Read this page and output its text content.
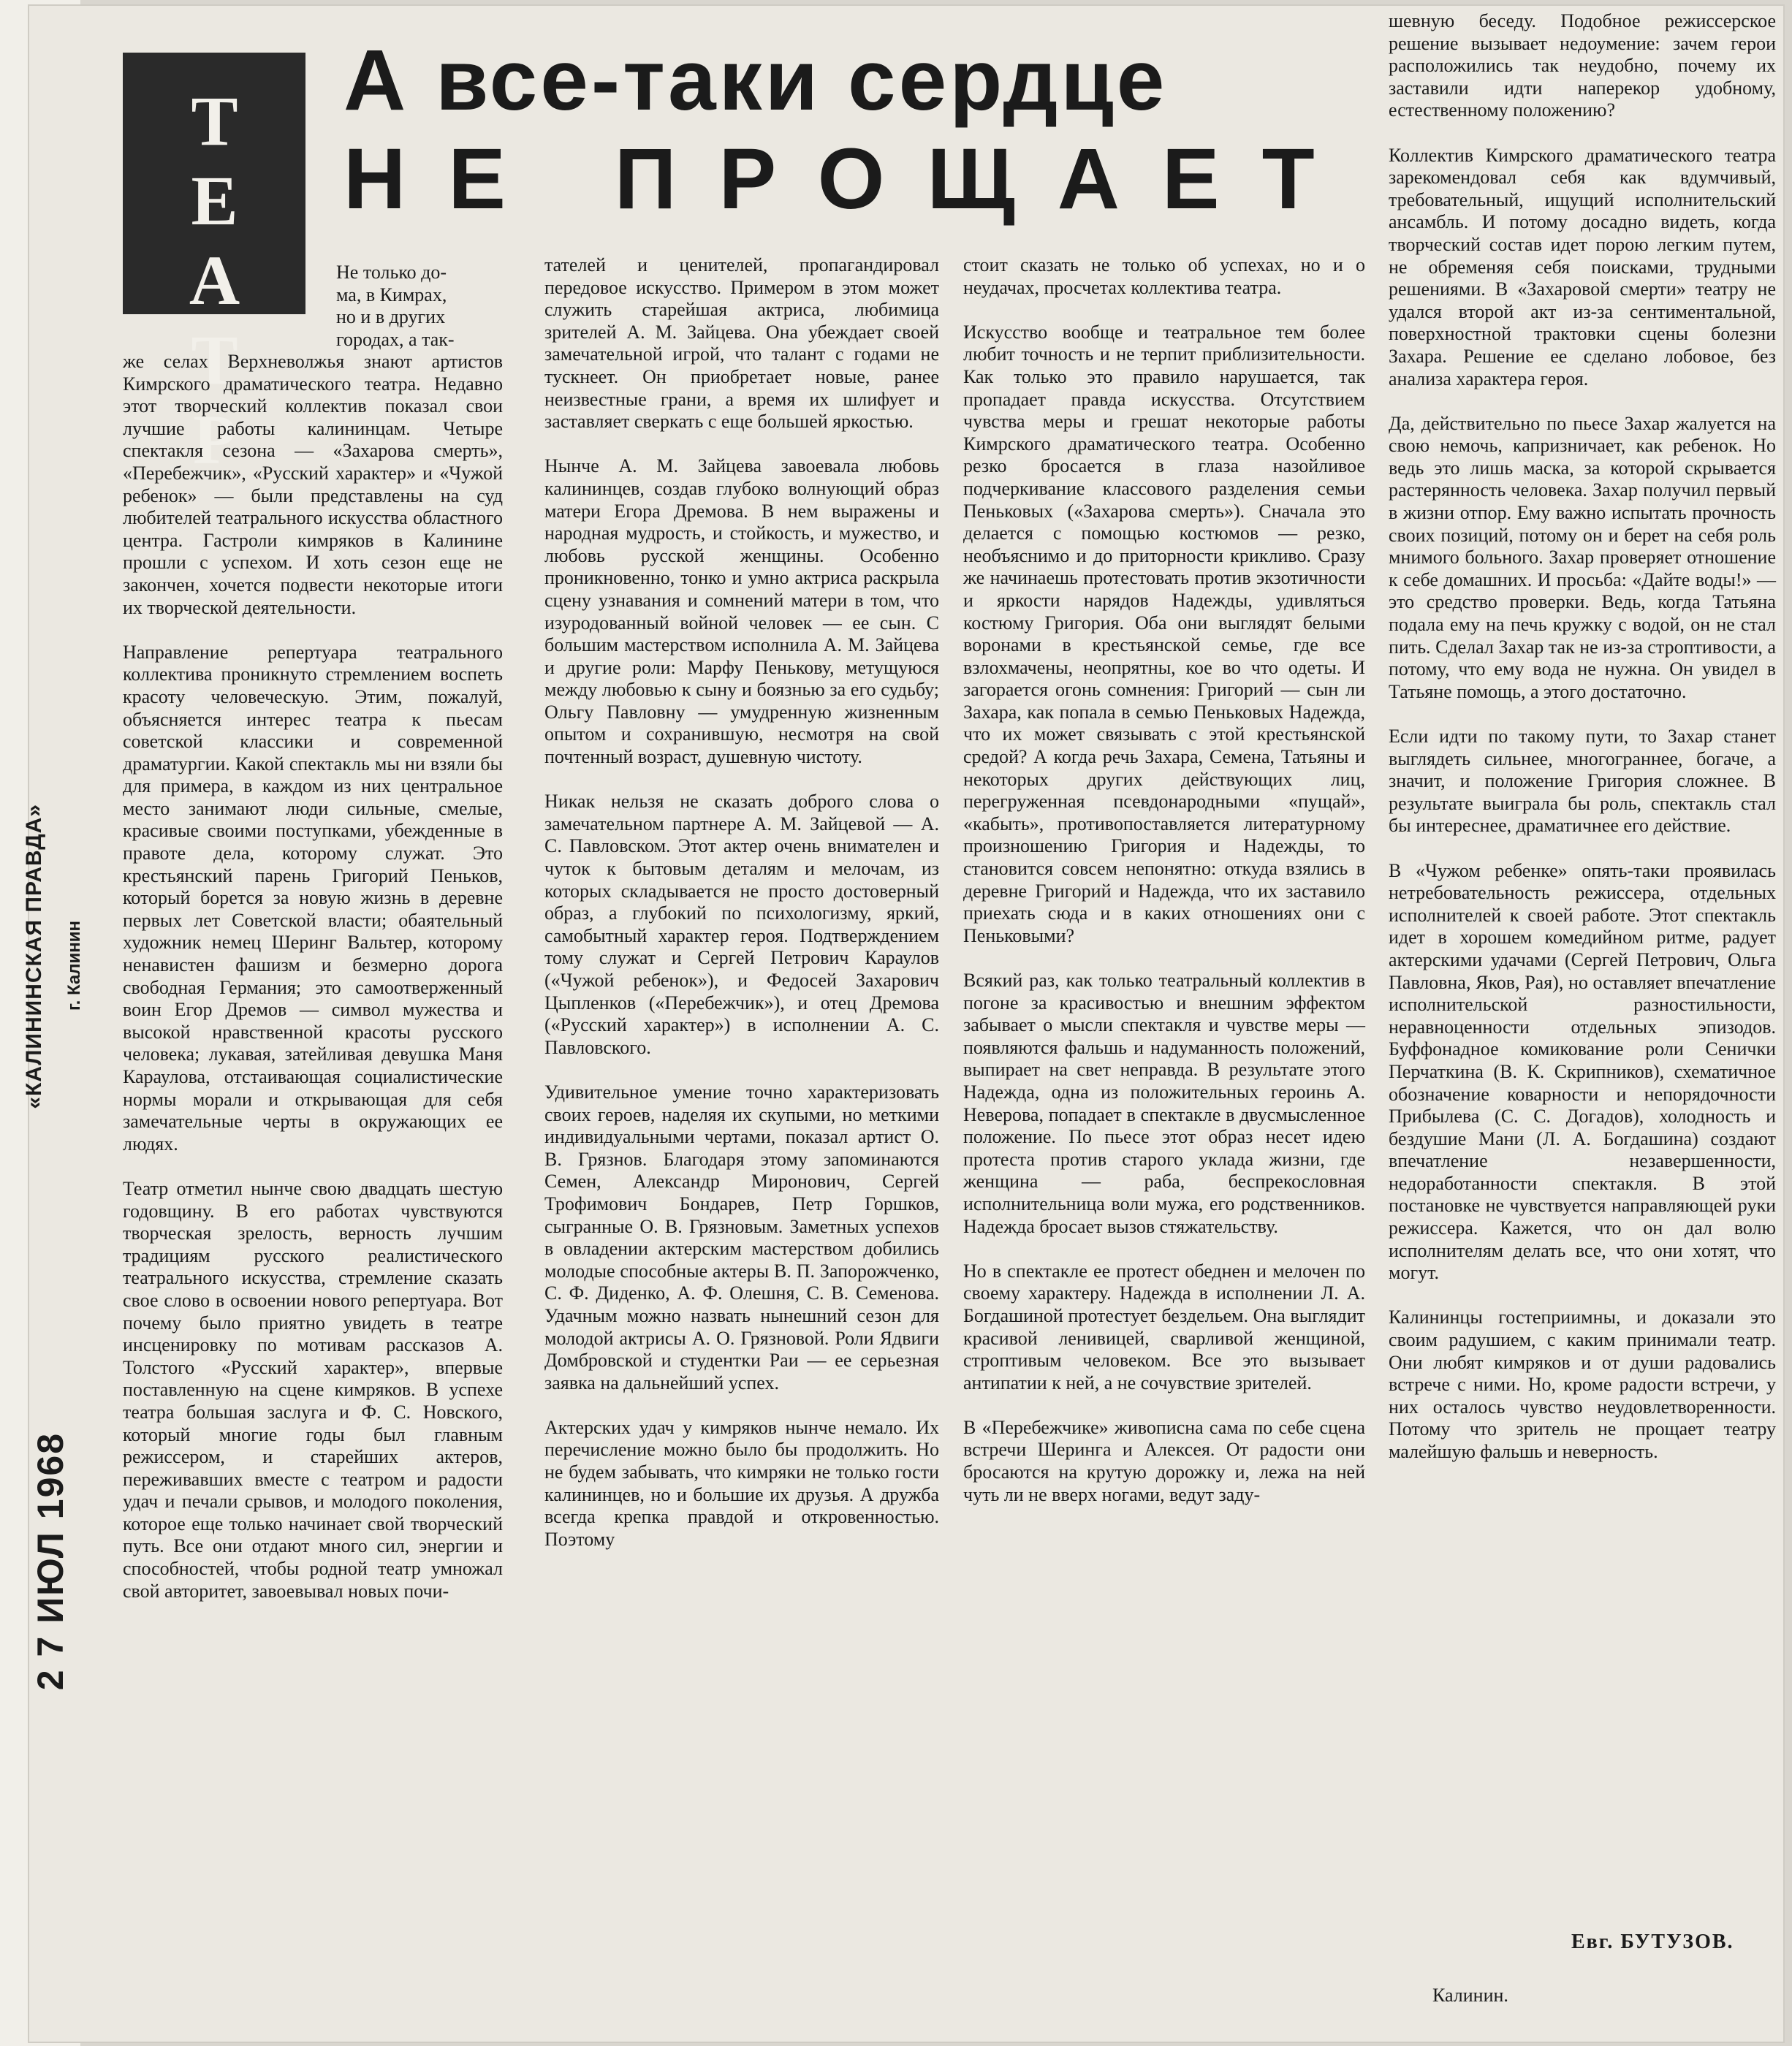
ТЕАТР
А все-таки сердце
НЕ ПРОЩАЕТ
«КАЛИНИНСКАЯ ПРАВДА» г. Калинин
2 7 ИЮЛ 1968
Не только до-
ма, в Кимрах,
но и в других
городах, а так-
же селах Верхневолжья знают артистов Кимрского драматического театра. Недавно этот творческий коллектив показал свои лучшие работы калининцам. Четыре спектакля сезона — «Захарова смерть», «Перебежчик», «Русский характер» и «Чужой ребенок» — были представлены на суд любителей театрального искусства областного центра. Гастроли кимряков в Калинине прошли с успехом. И хоть сезон еще не закончен, хочется подвести некоторые итоги их творческой деятельности.

Направление репертуара театрального коллектива проникнуто стремлением воспеть красоту человеческую. Этим, пожалуй, объясняется интерес театра к пьесам советской классики и современной драматургии. Какой спектакль мы ни взяли бы для примера, в каждом из них центральное место занимают люди сильные, смелые, красивые своими поступками, убежденные в правоте дела, которому служат. Это крестьянский парень Григорий Пеньков, который борется за новую жизнь в деревне первых лет Советской власти; обаятельный художник немец Шеринг Вальтер, которому ненавистен фашизм и безмерно дорога свободная Германия; это самоотверженный воин Егор Дремов — символ мужества и высокой нравственной красоты русского человека; лукавая, затейливая девушка Маня Караулова, отстаивающая социалистические нормы морали и открывающая для себя замечательные черты в окружающих ее людях.

Театр отметил нынче свою двадцать шестую годовщину. В его работах чувствуются творческая зрелость, верность лучшим традициям русского реалистического театрального искусства, стремление сказать свое слово в освоении нового репертуара. Вот почему было приятно увидеть в театре инсценировку по мотивам рассказов А. Толстого «Русский характер», впервые поставленную на сцене кимряков. В успехе театра большая заслуга и Ф. С. Новского, который многие годы был главным режиссером, и старейших актеров, переживавших вместе с театром и радости удач и печали срывов, и молодого поколения, которое еще только начинает свой творческий путь. Все они отдают много сил, энергии и способностей, чтобы родной театр умножал свой авторитет, завоевывал новых почи-
тателей и ценителей, пропагандировал передовое искусство. Примером в этом может служить старейшая актриса, любимица зрителей А. М. Зайцева. Она убеждает своей замечательной игрой, что талант с годами не тускнеет. Он приобретает новые, ранее неизвестные грани, а время их шлифует и заставляет сверкать с еще большей яркостью.

Нынче А. М. Зайцева завоевала любовь калининцев, создав глубоко волнующий образ матери Егора Дремова. В нем выражены и народная мудрость, и стойкость, и мужество, и любовь русской женщины. Особенно проникновенно, тонко и умно актриса раскрыла сцену узнавания и сомнений матери в том, что изуродованный войной человек — ее сын. С большим мастерством исполнила А. М. Зайцева и другие роли: Марфу Пенькову, метущуюся между любовью к сыну и боязнью за его судьбу; Ольгу Павловну — умудренную жизненным опытом и сохранившую, несмотря на свой почтенный возраст, душевную чистоту.

Никак нельзя не сказать доброго слова о замечательном партнере А. М. Зайцевой — А. С. Павловском. Этот актер очень внимателен и чуток к бытовым деталям и мелочам, из которых складывается не просто достоверный образ, а глубокий по психологизму, яркий, самобытный характер героя. Подтверждением тому служат и Сергей Петрович Караулов («Чужой ребенок»), и Федосей Захарович Цыпленков («Перебежчик»), и отец Дремова («Русский характер») в исполнении А. С. Павловского.

Удивительное умение точно характеризовать своих героев, наделяя их скупыми, но меткими индивидуальными чертами, показал артист О. В. Грязнов. Благодаря этому запоминаются Семен, Александр Миронович, Сергей Трофимович Бондарев, Петр Горшков, сыгранные О. В. Грязновым. Заметных успехов в овладении актерским мастерством добились молодые способные актеры В. П. Запорожченко, С. Ф. Диденко, А. Ф. Олешня, С. В. Семенова. Удачным можно назвать нынешний сезон для молодой актрисы А. О. Грязновой. Роли Ядвиги Домбровской и студентки Раи — ее серьезная заявка на дальнейший успех.

Актерских удач у кимряков нынче немало. Их перечисление можно было бы продолжить. Но не будем забывать, что кимряки не только гости калининцев, но и большие их друзья. А дружба всегда крепка правдой и откровенностью. Поэтому
стоит сказать не только об успехах, но и о неудачах, просчетах коллектива театра.

Искусство вообще и театральное тем более любит точность и не терпит приблизительности. Как только это правило нарушается, так пропадает правда искусства. Отсутствием чувства меры и грешат некоторые работы Кимрского драматического театра. Особенно резко бросается в глаза назойливое подчеркивание классового разделения семьи Пеньковых («Захарова смерть»). Сначала это делается с помощью костюмов — резко, необъяснимо и до приторности крикливо. Сразу же начинаешь протестовать против экзотичности и яркости нарядов Надежды, удивляться костюму Григория. Оба они выглядят белыми воронами в крестьянской семье, где все взлохмачены, неопрятны, кое во что одеты. И загорается огонь сомнения: Григорий — сын ли Захара, как попала в семью Пеньковых Надежда, что их может связывать с этой крестьянской средой? А когда речь Захара, Семена, Татьяны и некоторых других действующих лиц, перегруженная псевдонародными «пущай», «кабыть», противопоставляется литературному произношению Григория и Надежды, то становится совсем непонятно: откуда взялись в деревне Григорий и Надежда, что их заставило приехать сюда и в каких отношениях они с Пеньковыми?

Всякий раз, как только театральный коллектив в погоне за красивостью и внешним эффектом забывает о мысли спектакля и чувстве меры — появляются фальшь и надуманность положений, выпирает на свет неправда. В результате этого Надежда, одна из положительных героинь А. Неверова, попадает в спектакле в двусмысленное положение. По пьесе этот образ несет идею протеста против старого уклада жизни, где женщина — раба, беспрекословная исполнительница воли мужа, его родственников. Надежда бросает вызов стяжательству.

Но в спектакле ее протест обеднен и мелочен по своему характеру. Надежда в исполнении Л. А. Богдашиной протестует бездельем. Она выглядит красивой ленивицей, сварливой женщиной, строптивым человеком. Все это вызывает антипатии к ней, а не сочувствие зрителей.

В «Перебежчике» живописна сама по себе сцена встречи Шеринга и Алексея. От радости они бросаются на крутую дорожку и, лежа на ней чуть ли не вверх ногами, ведут заду-
шевную беседу. Подобное режиссерское решение вызывает недоумение: зачем герои расположились так неудобно, почему их заставили идти наперекор удобному, естественному положению?

Коллектив Кимрского драматического театра зарекомендовал себя как вдумчивый, требовательный, ищущий исполнительский ансамбль. И потому досадно видеть, когда творческий состав идет порою легким путем, не обременяя себя поисками, трудными решениями. В «Захаровой смерти» театру не удался второй акт из-за сентиментальной, поверхностной трактовки сцены болезни Захара. Решение ее сделано лобовое, без анализа характера героя.

Да, действительно по пьесе Захар жалуется на свою немочь, капризничает, как ребенок. Но ведь это лишь маска, за которой скрывается растерянность человека. Захар получил первый в жизни отпор. Ему важно испытать прочность своих позиций, потому он и берет на себя роль мнимого больного. Захар проверяет отношение к себе домашних. И просьба: «Дайте воды!» — это средство проверки. Ведь, когда Татьяна подала ему на печь кружку с водой, он не стал пить. Сделал Захар так не из-за строптивости, а потому, что ему вода не нужна. Он увидел в Татьяне помощь, а этого достаточно.

Если идти по такому пути, то Захар станет выглядеть сильнее, многограннее, богаче, а значит, и положение Григория сложнее. В результате выиграла бы роль, спектакль стал бы интереснее, драматичнее его действие.

В «Чужом ребенке» опять-таки проявилась нетребовательность режиссера, отдельных исполнителей к своей работе. Этот спектакль идет в хорошем комедийном ритме, радует актерскими удачами (Сергей Петрович, Ольга Павловна, Яков, Рая), но оставляет впечатление исполнительской разностильности, неравноценности отдельных эпизодов. Буффонадное комикование роли Сенички Перчаткина (В. К. Скрипников), схематичное обозначение коварности и непорядочности Прибылева (С. С. Догадов), холодность и бездушие Мани (Л. А. Богдашина) создают впечатление незавершенности, недоработанности спектакля. В этой постановке не чувствуется направляющей руки режиссера. Кажется, что он дал волю исполнителям делать все, что они хотят, что могут.

Калининцы гостеприимны, и доказали это своим радушием, с каким принимали театр. Они любят кимряков и от души радовались встрече с ними. Но, кроме радости встречи, у них осталось чувство неудовлетворенности. Потому что зритель не прощает театру малейшую фальшь и неверность.
Евг. БУТУЗОВ.
Калинин.
